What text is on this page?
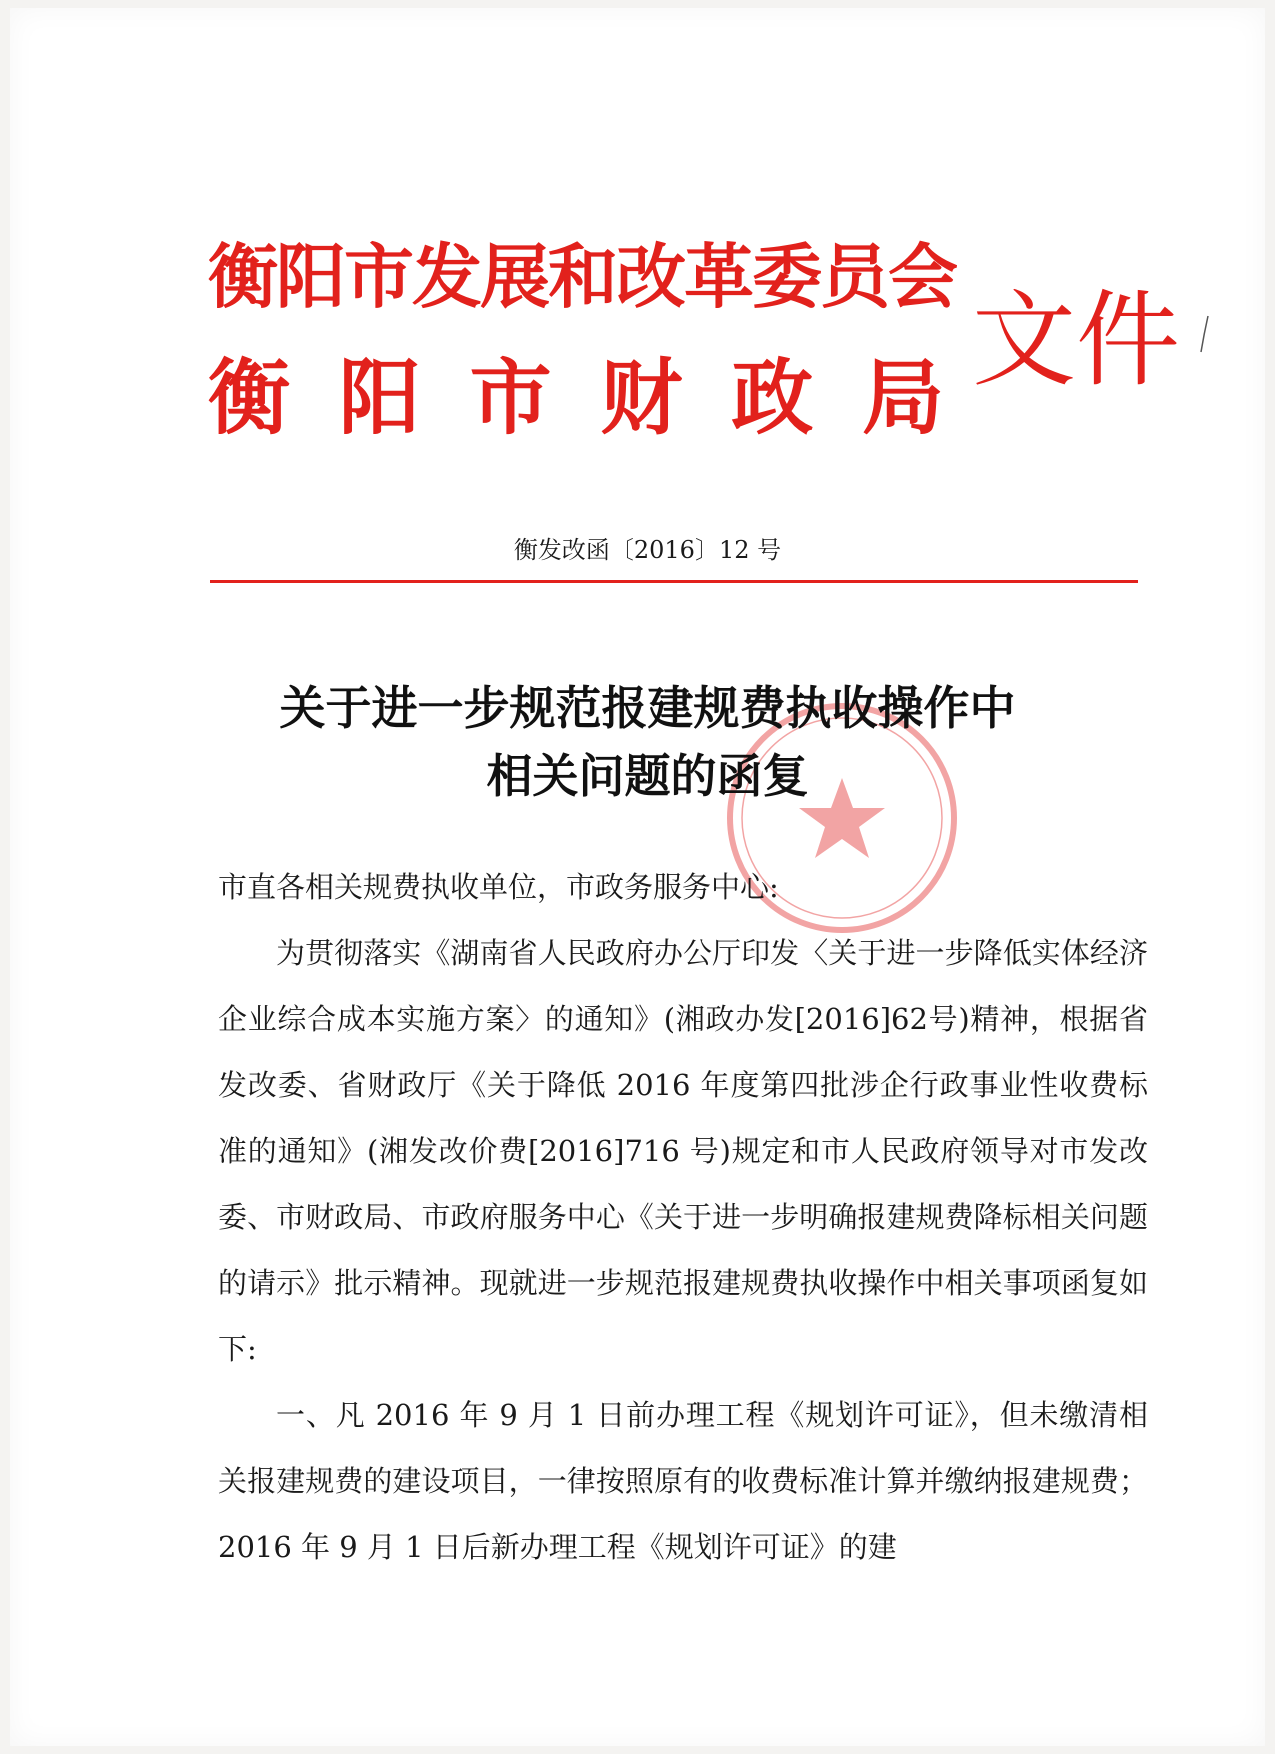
衡阳市发展和改革委员会
衡 阳 市 财 政 局 文件
衡发改函〔2016〕12 号
关于进一步规范报建规费执收操作中
相关问题的函复
市直各相关规费执收单位，市政务服务中心:
为贯彻落实《湖南省人民政府办公厅印发〈关于进一步降低实体经济企业综合成本实施方案〉的通知》(湘政办发[2016]62号)精神，根据省发改委、省财政厅《关于降低 2016 年度第四批涉企行政事业性收费标准的通知》(湘发改价费[2016]716 号)规定和市人民政府领导对市发改委、市财政局、市政府服务中心《关于进一步明确报建规费降标相关问题的请示》批示精神。现就进一步规范报建规费执收操作中相关事项函复如下:
一、凡 2016 年 9 月 1 日前办理工程《规划许可证》，但未缴清相关报建规费的建设项目，一律按照原有的收费标准计算并缴纳报建规费；2016 年 9 月 1 日后新办理工程《规划许可证》的建
